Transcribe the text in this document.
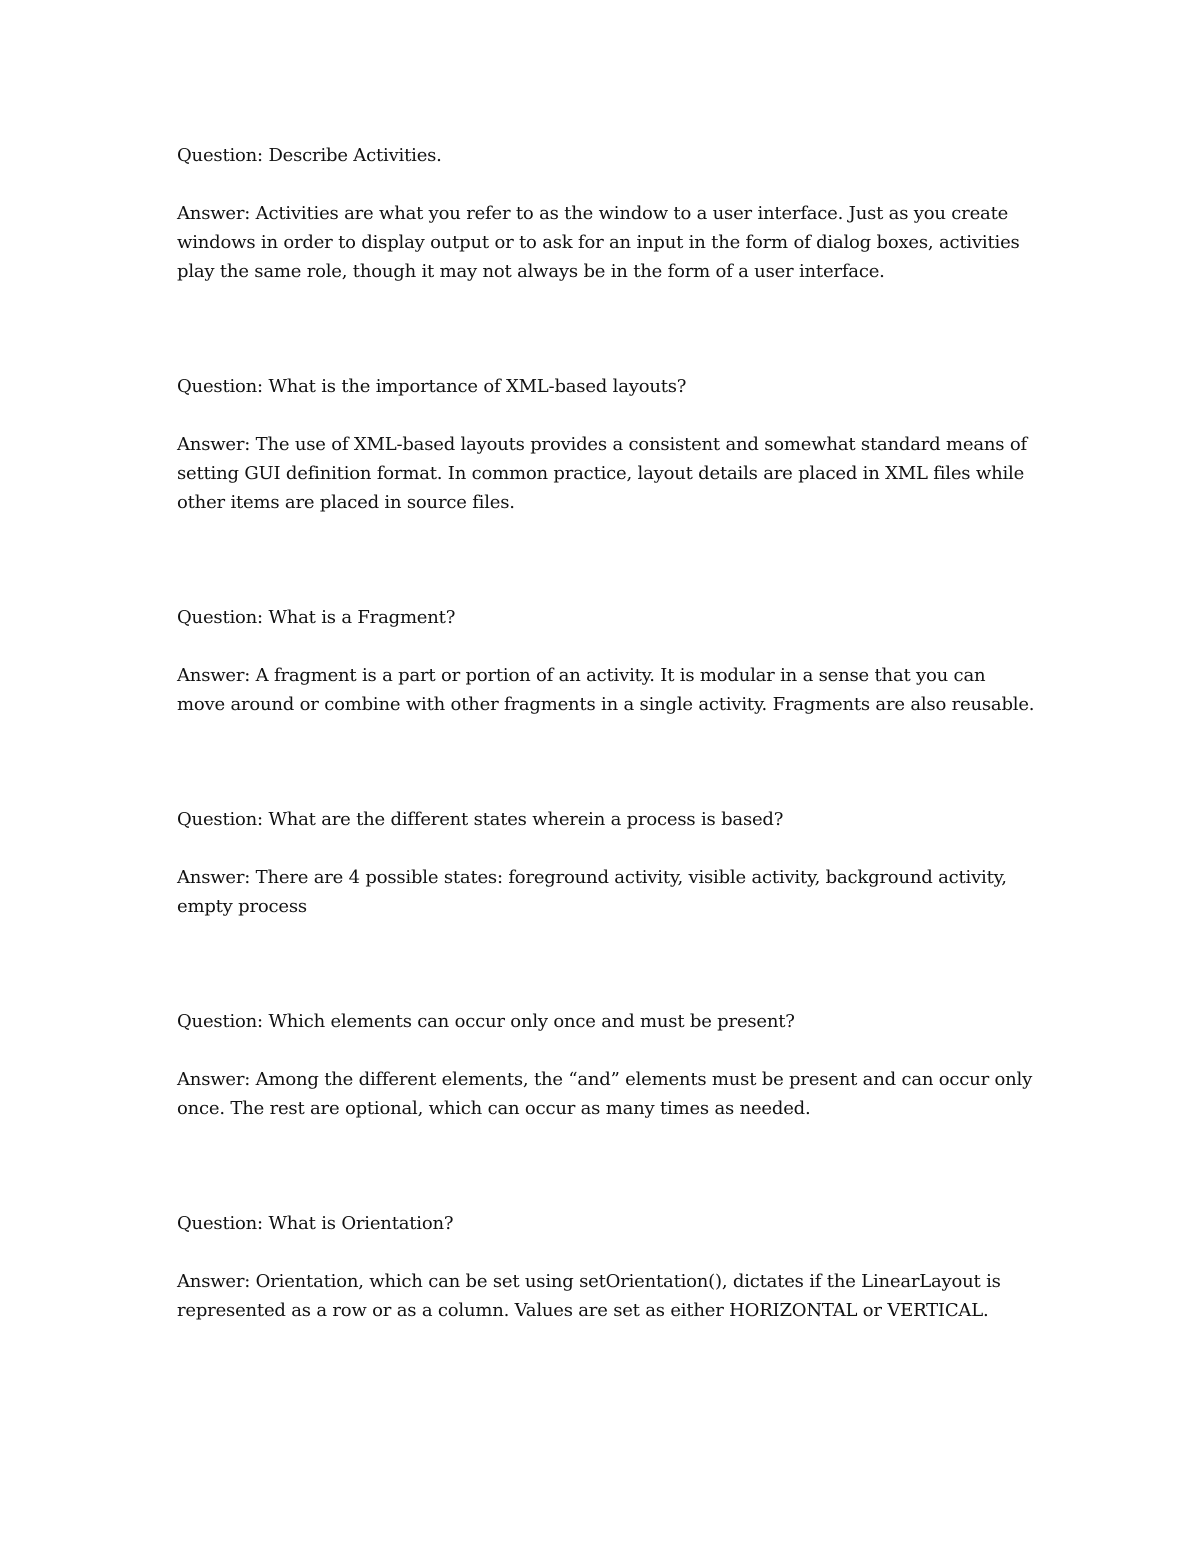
Question: Describe Activities.

Answer: Activities are what you refer to as the window to a user interface. Just as you create windows in order to display output or to ask for an input in the form of dialog boxes, activities play the same role, though it may not always be in the form of a user interface.

Question: What is the importance of XML-based layouts?

Answer: The use of XML-based layouts provides a consistent and somewhat standard means of setting GUI definition format. In common practice, layout details are placed in XML files while other items are placed in source files.

Question: What is a Fragment?

Answer: A fragment is a part or portion of an activity. It is modular in a sense that you can move around or combine with other fragments in a single activity. Fragments are also reusable.

Question: What are the different states wherein a process is based?

Answer: There are 4 possible states: foreground activity, visible activity, background activity, empty process

Question: Which elements can occur only once and must be present?

Answer: Among the different elements, the “and” elements must be present and can occur only once. The rest are optional, which can occur as many times as needed.

Question: What is Orientation?

Answer: Orientation, which can be set using setOrientation(), dictates if the LinearLayout is represented as a row or as a column. Values are set as either HORIZONTAL or VERTICAL.
